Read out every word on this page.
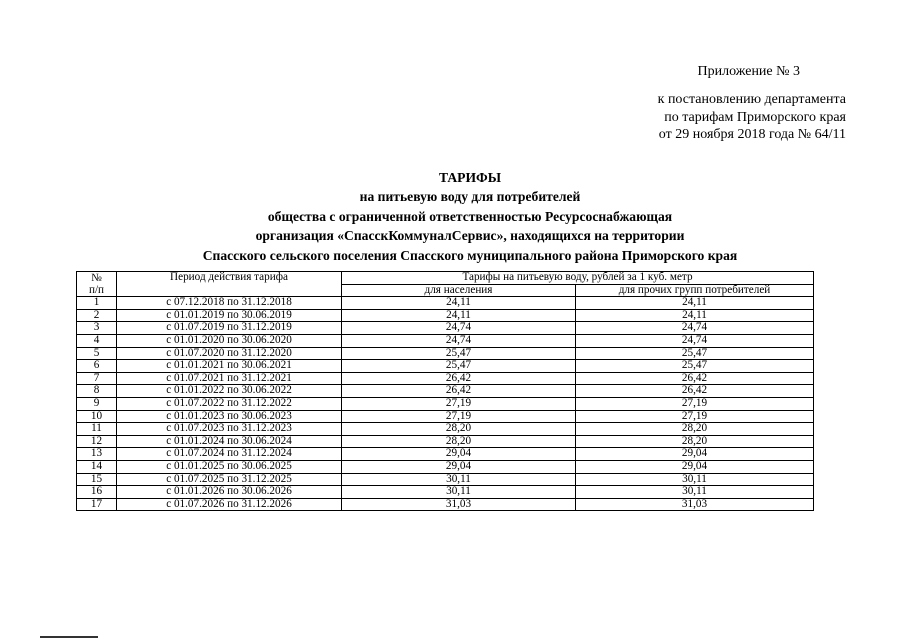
Приложение № 3
к постановлению департамента
по тарифам Приморского края
от 29 ноября 2018 года № 64/11
ТАРИФЫ
на питьевую воду для потребителей
общества с ограниченной ответственностью Ресурсоснабжающая
организация «СпасскКоммуналСервис», находящихся на территории
Спасского сельского поселения Спасского муниципального района Приморского края
№
п/п	Период действия тарифа	Тарифы на питьевую воду, рублей за 1 куб. метр	
		для населения	для прочих групп потребителей
1	с 07.12.2018 по 31.12.2018	24,11	24,11
2	с 01.01.2019 по 30.06.2019	24,11	24,11
3	с 01.07.2019 по 31.12.2019	24,74	24,74
4	с 01.01.2020 по 30.06.2020	24,74	24,74
5	с 01.07.2020 по 31.12.2020	25,47	25,47
6	с 01.01.2021 по 30.06.2021	25,47	25,47
7	с 01.07.2021 по 31.12.2021	26,42	26,42
8	с 01.01.2022 по 30.06.2022	26,42	26,42
9	с 01.07.2022 по 31.12.2022	27,19	27,19
10	с 01.01.2023 по 30.06.2023	27,19	27,19
11	с 01.07.2023 по 31.12.2023	28,20	28,20
12	с 01.01.2024 по 30.06.2024	28,20	28,20
13	с 01.07.2024 по 31.12.2024	29,04	29,04
14	с 01.01.2025 по 30.06.2025	29,04	29,04
15	с 01.07.2025 по 31.12.2025	30,11	30,11
16	с 01.01.2026 по 30.06.2026	30,11	30,11
17	с 01.07.2026 по 31.12.2026	31,03	31,03
